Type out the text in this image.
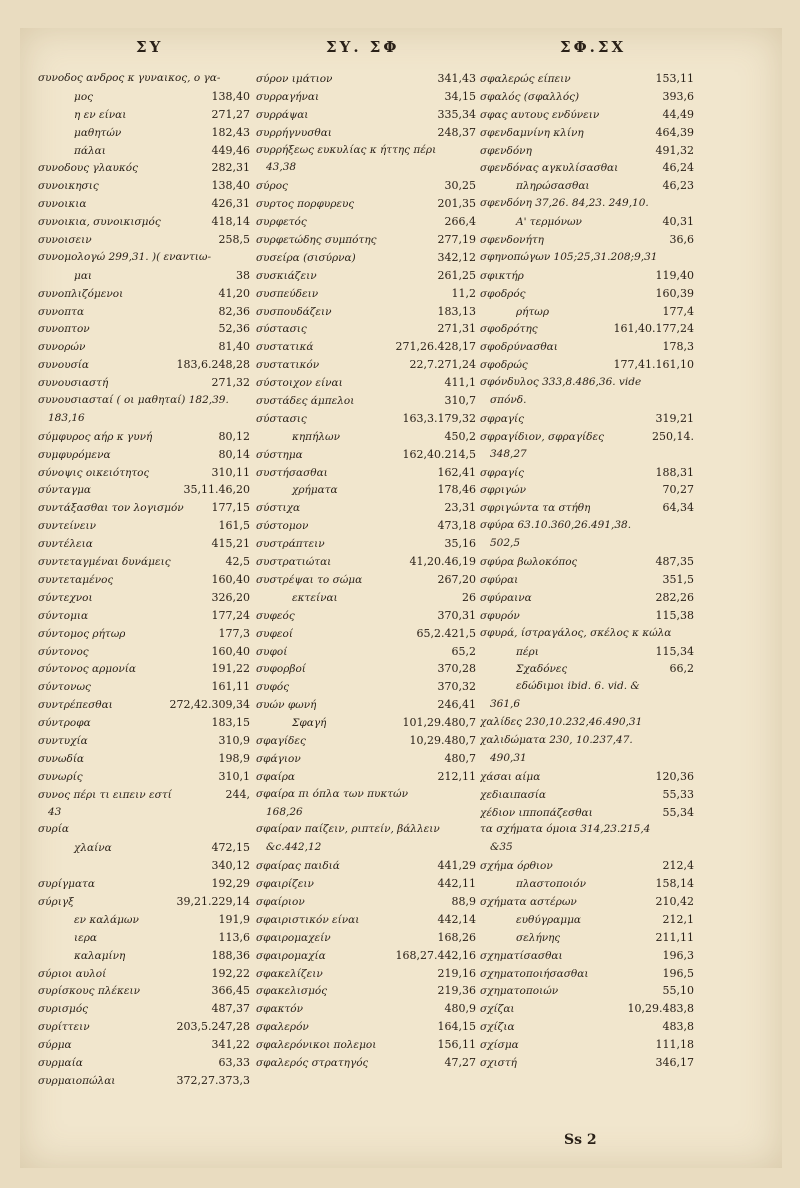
ΣΥ	ΣΥ. ΣΦ	ΣΦ.ΣΧ
συνοδος ανδρος κ γυναικος, ο γα-
μος	138,40
η εν είναι	271,27
μαθητών	182,43
πάλαι	449,46
συνοδους γλαυκός	282,31
συνοικησις	138,40
συνοικια	426,31
συνοικια, συνοικισμός	418,14
συνοισειν	258,5
συνομολογώ 299,31. )( εναντιω-
μαι	38
συνοπλιζόμενοι	41,20
συνοπτα	82,36
συνοπτον	52,36
συνορών	81,40
συνουσία	183,6.248,28
συνουσιαστή	271,32
συνουσιασταί ( οι μαθηταί) 182,39.
183,16
σύμφυρος αήρ κ γυνή	80,12
συμφυρόμενα	80,14
σύνοψις οικειότητος	310,11
σύνταγμα	35,11.46,20
συντάξασθαι τον λογισμόν	177,15
συντείνειν	161,5
συντέλεια	415,21
συντεταγμέναι δυνάμεις	42,5
συντεταμένος	160,40
σύντεχνοι	326,20
σύντομια	177,24
σύντομος ρήτωρ	177,3
σύντονος	160,40
σύντονος αρμονία	191,22
σύντονως	161,11
συντρέπεσθαι	272,42.309,34
σύντροφα	183,15
συντυχία	310,9
συνωδία	198,9
συνωρίς	310,1
συνος πέρι τι ειπειν εστί	244,
43
συρία
χλαίνα	472,15
340,12
συρίγματα	192,29
σύριγξ	39,21.229,14
εν καλάμων	191,9
ιερα	113,6
καλαμίνη	188,36
σύριοι αυλοί	192,22
συρίσκους πλέκειν	366,45
συρισμός	487,37
συρίττειν	203,5.247,28
σύρμα	341,22
συρμαία	63,33
συρμαιοπώλαι	372,27.373,3
σύρον ιμάτιον	341,43
συρραγήναι	34,15
συρράψαι	335,34
συρρήγνυσθαι	248,37
συρρήξεως ευκυλίας κ ήττης πέρι
43,38
σύρος	30,25
συρτος πορφυρευς	201,35
συρφετός	266,4
συρφετώδης συμπότης	277,19
συσείρα (σισύρνα)	342,12
συσκιάζειν	261,25
συσπεύδειν	11,2
συσπουδάζειν	183,13
σύστασις	271,31
συστατικά	271,26.428,17
συστατικόν	22,7.271,24
σύστοιχον είναι	411,1
συστάδες άμπελοι	310,7
σύστασις	163,3.179,32
κηπήλων	450,2
σύστημα	162,40.214,5
συστήσασθαι	162,41
χρήματα	178,46
σύστιχα	23,31
σύστομον	473,18
συστράπτειν	35,16
συστρατιώται	41,20.46,19
συστρέψαι το σώμα	267,20
εκτείναι	26
συφεός	370,31
συφεοί	65,2.421,5
συφοί	65,2
συφορβοί	370,28
συφός	370,32
συών φωνή	246,41
Σφαγή	101,29.480,7
σφαγίδες	10,29.480,7
σφάγιον	480,7
σφαίρα	212,11
σφαίρα πι όπλα των πυκτών
168,26
σφαίραν παίζειν, ριπτείν, βάλλειν
&c.442,12
σφαίρας παιδιά	441,29
σφαιρίζειν	442,11
σφαίριον	88,9
σφαιριστικόν είναι	442,14
σφαιρομαχείν	168,26
σφαιρομαχία	168,27.442,16
σφακελίζειν	219,16
σφακελισμός	219,36
σφακτόν	480,9
σφαλερόν	164,15
σφαλερόνικοι πολεμοι	156,11
σφαλερός στρατηγός	47,27
σφαλερώς είπειν	153,11
σφαλός (σφαλλός)	393,6
σφας αυτους ενδύνειν	44,49
σφενδαμνίνη κλίνη	464,39
σφενδόνη	491,32
σφενδόνας αγκυλίσασθαι	46,24
πληρώσασθαι	46,23
σφενδόνη 37,26. 84,23. 249,10.
Α' τερμόνων	40,31
σφενδονήτη	36,6
σφηνοπώγων 105;25,31.208;9,31
σφικτήρ	119,40
σφοδρός	160,39
ρήτωρ	177,4
σφοδρότης	161,40.177,24
σφοδρύνασθαι	178,3
σφοδρώς	177,41.161,10
σφόνδυλος 333,8.486,36. vide
σπόνδ.
σφραγίς	319,21
σφραγίδιον, σφραγίδες	250,14.
348,27
σφραγίς	188,31
σφριγών	70,27
σφριγώντα τα στήθη	64,34
σφύρα 63.10.360,26.491,38.
502,5
σφύρα βωλοκόπος	487,35
σφύραι	351,5
σφύραινα	282,26
σφυρόν	115,38
σφυρά, ίστραγάλος, σκέλος κ κώλα
πέρι	115,34
Σχαδόνες	66,2
εδώδιμοι ibid. 6. vid. &
361,6
χαλίδες 230,10.232,46.490,31
χαλιδώματα 230, 10.237,47.
490,31
χάσαι αίμα	120,36
χεδιαιπασία	55,33
χέδιον ιπποπάζεσθαι	55,34
τα σχήματα όμοια 314,23.215,4
&35
σχήμα όρθιον	212,4
πλαστοποιόν	158,14
σχήματα αστέρων	210,42
ευθύγραμμα	212,1
σελήνης	211,11
σχηματίσασθαι	196,3
σχηματοποιήσασθαι	196,5
σχηματοποιών	55,10
σχίζαι	10,29.483,8
σχίζια	483,8
σχίσμα	111,18
σχιστή	346,17
Ss 2
